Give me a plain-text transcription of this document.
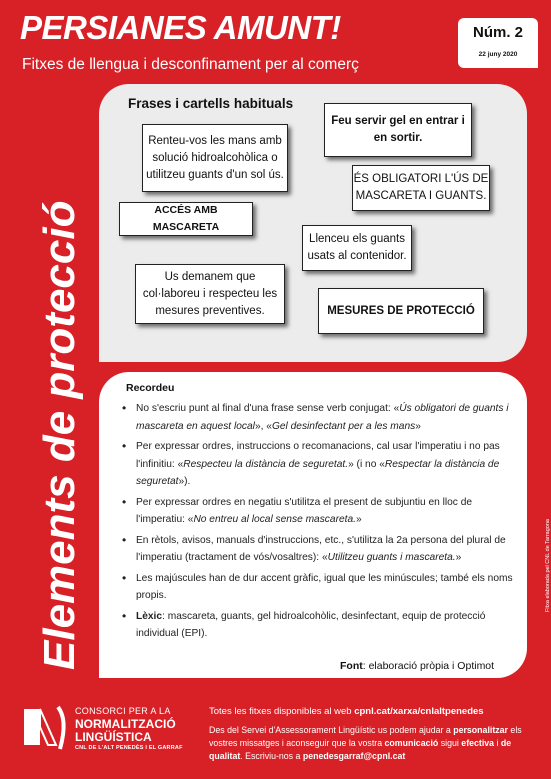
PERSIANES AMUNT!
Fitxes de llengua i desconfinament per al comerç
Núm. 2
22 juny 2020
Elements de protecció	Fitxa elaborada pel CNL de Tarragona
Frases i cartells habituals
Renteu-vos les mans amb solució hidroalcohòlica o utilitzeu guants d'un sol ús.
Feu servir gel en entrar i en sortir.
ÉS OBLIGATORI L'ÚS DE MASCARETA I GUANTS.
ACCÉS AMB MASCARETA
Llenceu els guants usats al contenidor.
Us demanem que col·laboreu i respecteu les mesures preventives.	MESURES DE PROTECCIÓ
Recordeu
• No s'escriu punt al final d'una frase sense verb conjugat: «Ús obligatori de guants i mascareta en aquest local», «Gel desinfectant per a les mans»
• Per expressar ordres, instruccions o recomanacions, cal usar l'imperatiu i no pas l'infinitiu: «Respecteu la distància de seguretat.» (i no «Respectar la distància de seguretat»).
• Per expressar ordres en negatiu s'utilitza el present de subjuntiu en lloc de l'imperatiu: «No entreu al local sense mascareta.»
• En rètols, avisos, manuals d'instruccions, etc., s'utilitza la 2a persona del plural de l'imperatiu (tractament de vós/vosaltres): «Utilitzeu guants i mascareta.»
• Les majúscules han de dur accent gràfic, igual que les minúscules; també els noms propis.
• Lèxic: mascareta, guants, gel hidroalcohòlic, desinfectant, equip de protecció individual (EPI).
Font: elaboració pròpia i Optimot
CONSORCI PER A LA
NORMALITZACIÓ
LINGÜÍSTICA
CNL DE L'ALT PENEDÈS I EL GARRAF
Totes les fitxes disponibles al web cpnl.cat/xarxa/cnlaltpenedes
Des del Servei d'Assessorament Lingüístic us podem ajudar a personalitzar els vostres missatges i aconseguir que la vostra comunicació sigui efectiva i de qualitat. Escriviu-nos a penedesgarraf@cpnl.cat
